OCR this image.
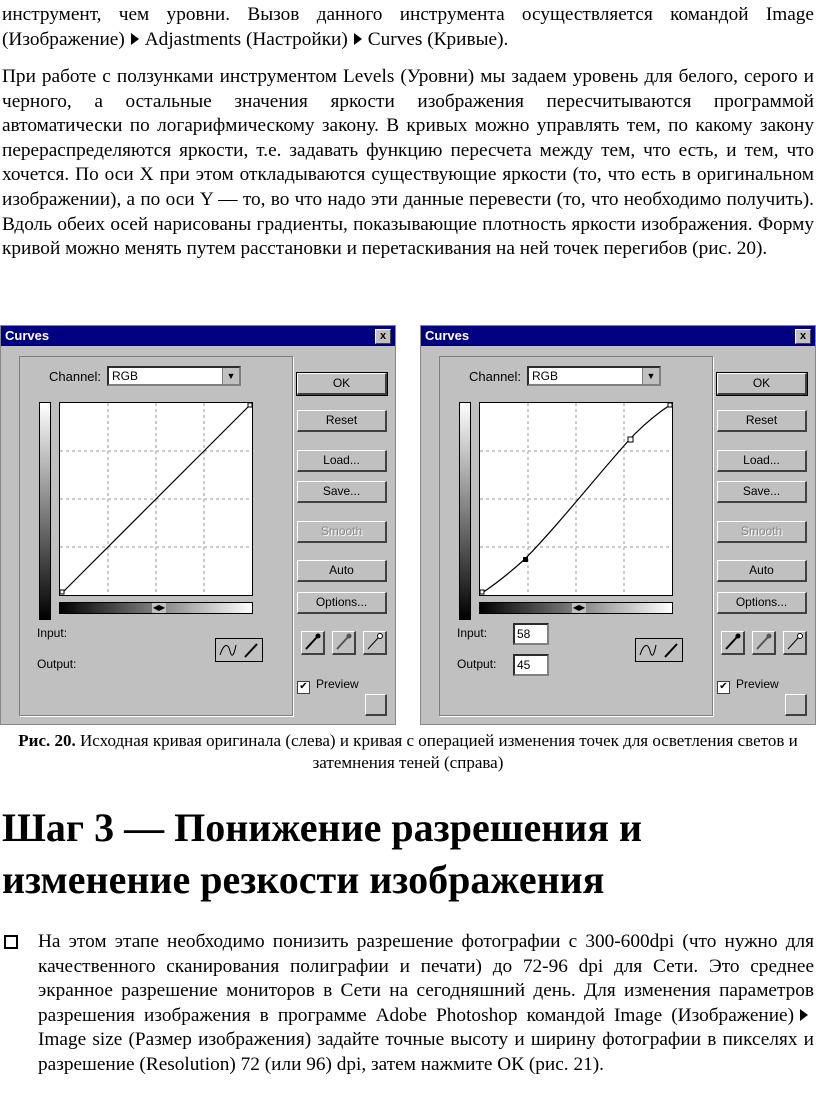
инструмент, чем уровни. Вызов данного инструмента осуществляется командой Image (Изображение) Adjastments (Настройки) Curves (Кривые).

При работе с ползунками инструментом Levels (Уровни) мы задаем уровень для белого, серого и черного, а остальные значения яркости изображения пересчитываются программой автоматически по логарифмическому закону. В кривых можно управлять тем, по какому закону перераспределяются яркости, т.е. задавать функцию пересчета между тем, что есть, и тем, что хочется. По оси X при этом откладываются существующие яркости (то, что есть в оригинальном изображении), а по оси Y — то, во что надо эти данные перевести (то, что необходимо получить). Вдоль обеих осей нарисованы градиенты, показывающие плотность яркости изображения. Форму кривой можно менять путем расстановки и перетаскивания на ней точек перегибов (рис. 20).

Curves	x
Channel: RGB	▼
◀▶
Input:
Output:
OK
Reset
Load...
Save...
Smooth
Auto
Options...
✔ Preview
Curves	x
Channel: RGB	▼
◀▶
Input:	58
Output:	45
OK
Reset
Load...
Save...
Smooth
Auto
Options...
✔ Preview

Рис. 20. Исходная кривая оригинала (слева) и кривая с операцией изменения точек для осветления светов и затемнения теней (справа)

Шаг 3 — Понижение разрешения и изменение резкости изображения

На этом этапе необходимо понизить разрешение фотографии с 300-600dpi (что нужно для качественного сканирования полиграфии и печати) до 72-96 dpi для Сети. Это среднее экранное разрешение мониторов в Сети на сегодняшний день. Для изменения параметров разрешения изображения в программе Adobe Photoshop командой Image (Изображение)Image size (Размер изображения) задайте точные высоту и ширину фотографии в пикселях и разрешение (Resolution) 72 (или 96) dpi, затем нажмите ОК (рис. 21).
